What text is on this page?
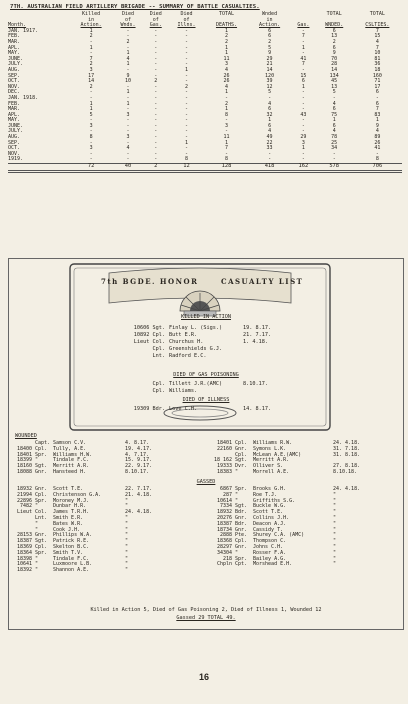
7TH. AUSTRALIAN FIELD ARTILLERY BRIGADE -- SUMMARY OF BATTLE CASUALTIES.
	Killed	Died	Died	Died	TOTAL	Wnded		TOTAL	TOTAL
	in	of	of	of		in			
Month.	Action.	Wnds.	Gas.	Illns.	DEATHS.	Action.	Gas.	WNDED.	CSLTIES.
JAN. 1917.	1	-	-	-	1	6	-	6	7
FEB.	2	-	-	-	2	6	7	13	15
MAR.	-	2	-	-	2	2	-	2	4
APL.	1	-	-	-	1	5	1	6	7
MAY.	-	1	-	-	1	9	-	9	10
JUNE.	7	4	-	-	11	29	41	70	81
JULY.	2	1	-	-	3	21	7	28	36
AUG.	3	-	-	1	4	14	-	14	18
SEP.	17	9	-	-	26	120	15	134	160
OCT.	14	10	2	-	26	39	6	45	71
NOV.	2	-	-	2	4	12	1	13	17
DEC.	-	1	-	-	1	5	-	5	6
JAN. 1918.	-	-	-	-	-	-	-	-	-
FEB.	1	1	-	-	2	4	-	4	6
MAR.	1	-	-	-	1	6	-	6	7
APL.	5	3	-	-	8	32	43	75	83
MAY.	-	-	-	-	-	1	-	1	1
JUNE.	3	-	-	-	3	6	-	6	9
JULY.	-	-	-	-	-	4	-	4	4
AUG.	8	3	-	-	11	49	29	78	89
SEP.	-	-	-	1	1	22	3	25	26
OCT.	3	4	-	-	7	33	1	34	41
NOV.	-	-	-	-	-	-	-	-	-
1919.	-	-	-	8	8	-	-	-	8
	72	40	2	12	128	418	162	578	706
7th BGDE. HONOR	CASUALTY LIST
KILLED IN ACTION
10606 Sgt. Finlay L. (Sigs.)	19. 8.17.
10892 Cpl. Butt E.R.	21. 7.17.
Lieut Col. Churchus H.	1. 4.18.
Cpl. Greenshields G.J.
Lnt. Radford E.C.
DIED OF GAS POISONING
Cpl. Tillett J.R.(AMC)	8.10.17.
Cpl. Williams.
DIED OF ILLNESS
19309 Bdr. Love C.H.	14. 8.17.
WOUNDED
Capt. Samson C.V.	4. 8.17.
18400 Cpl. Tully, A.E.	19. 4.17.
18401 Spr. Williams H.W.	4. 7.17.
18399 "	Tindale F.C.	15. 9.17.
18160 Sgt. Merritt A.R.	22. 9.17.
18088 Gnr. Hansteed H.	8.10.17.
18401 Cpl. Williams R.W.	24. 4.18.
22160 Gnr. Symons L.K.	31. 7.18.
Cpl. McLean A.E.(AMC)	31. 8.18.
18 162 Sgt. Merritt A.R.
19333 Dvr. Olliver S.	27. 8.18.
18383 "	Morrell A.E.	8.10.18.
GASSED
18932 Gnr. Scott T.E.	22. 7.17.
21994 Cpl. Christenson G.A.	21. 4.18.
22896 Spr. Moroney M.J.	"
7482 "	Dunbar H.R.	"
Lieut Col. James T.R.H.	24. 4.18.
Lnt. Smith E.R.	"
"	Bates W.R.	"
"	Cook J.H.	"
28153 Gnr. Phillips W.A.	"
18387 Sgt. Patrick R.E.	"
18369 Cpl. Skelton B.C.	"
18364 Spr. Smith T.V.	"
18398 "	Tindale F.C.	"
10641 "	Luxmoore L.B.	"
18392 "	Shannon A.E.	"
6867 Spr. Brooks G.H.	24. 4.18.
287 "	Roe T.J.	"
10614 "	Griffiths S.G.	"
7334 Sgt. Buckle W.G.	"
18932 Bdr. Scott T.E.	"
20276 Gnr. Collins J.H.	"
18387 Bdr. Deacon A.J.	"
18734 Gnr. Cassidy T.	"
2888 Pte. Shurey C.A. (AMC)	"
18368 Cpl. Thompson C.	"
28297 Gnr. Johns C.H.	"
34304 "	Rosser F.A.	"
218 Spr. Bailey A.G.	"
Chpln Cpt. Morshead E.H.	"
Killed in Action 5, Died of Gas Poisoning 2, Died of Illness 1, Wounded 12
Gassed 29 TOTAL 49.
16
